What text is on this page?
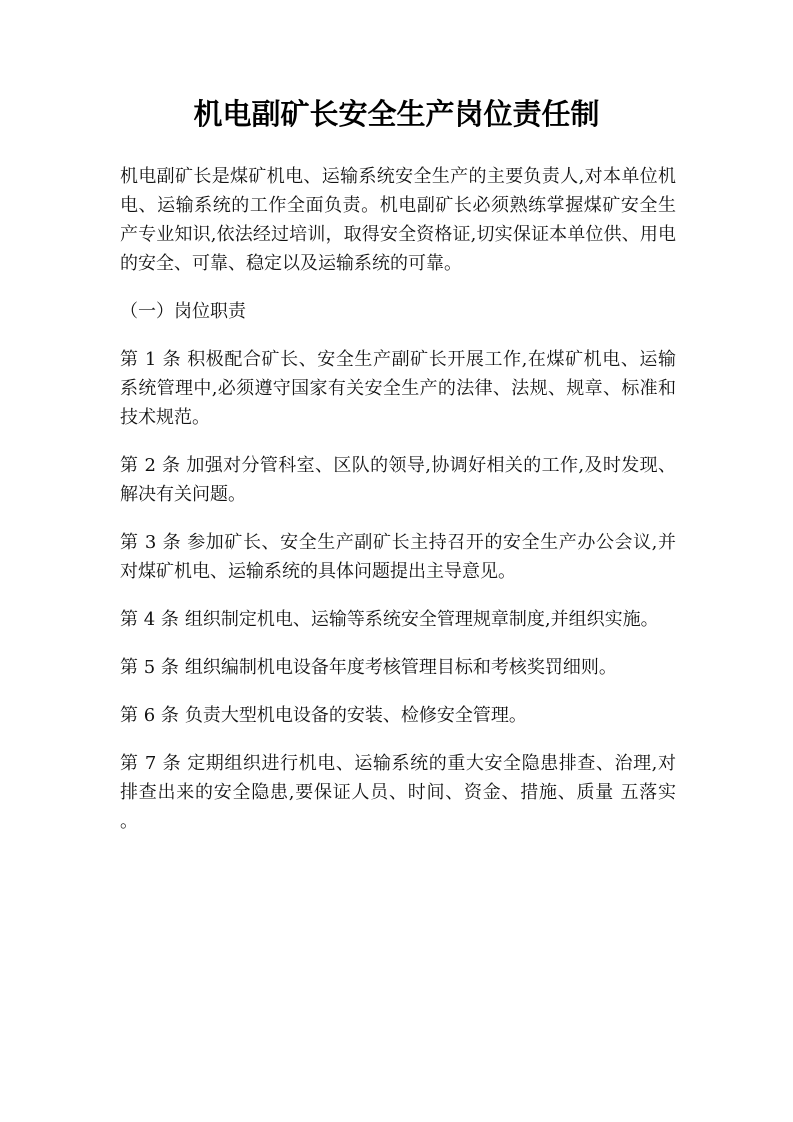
机电副矿长安全生产岗位责任制

机电副矿长是煤矿机电、运输系统安全生产的主要负责人,对本单位机电、运输系统的工作全面负责。机电副矿长必须熟练掌握煤矿安全生产专业知识,依法经过培训，取得安全资格证,切实保证本单位供、用电的安全、可靠、稳定以及运输系统的可靠。

（一）岗位职责

第 1 条 积极配合矿长、安全生产副矿长开展工作,在煤矿机电、运输系统管理中,必须遵守国家有关安全生产的法律、法规、规章、标准和技术规范。

第 2 条 加强对分管科室、区队的领导,协调好相关的工作,及时发现、解决有关问题。

第 3 条 参加矿长、安全生产副矿长主持召开的安全生产办公会议,并对煤矿机电、运输系统的具体问题提出主导意见。

第 4 条 组织制定机电、运输等系统安全管理规章制度,并组织实施。

第 5 条 组织编制机电设备年度考核管理目标和考核奖罚细则。

第 6 条 负责大型机电设备的安装、检修安全管理。

第 7 条 定期组织进行机电、运输系统的重大安全隐患排查、治理,对排查出来的安全隐患,要保证人员、时间、资金、措施、质量 五落实 。
